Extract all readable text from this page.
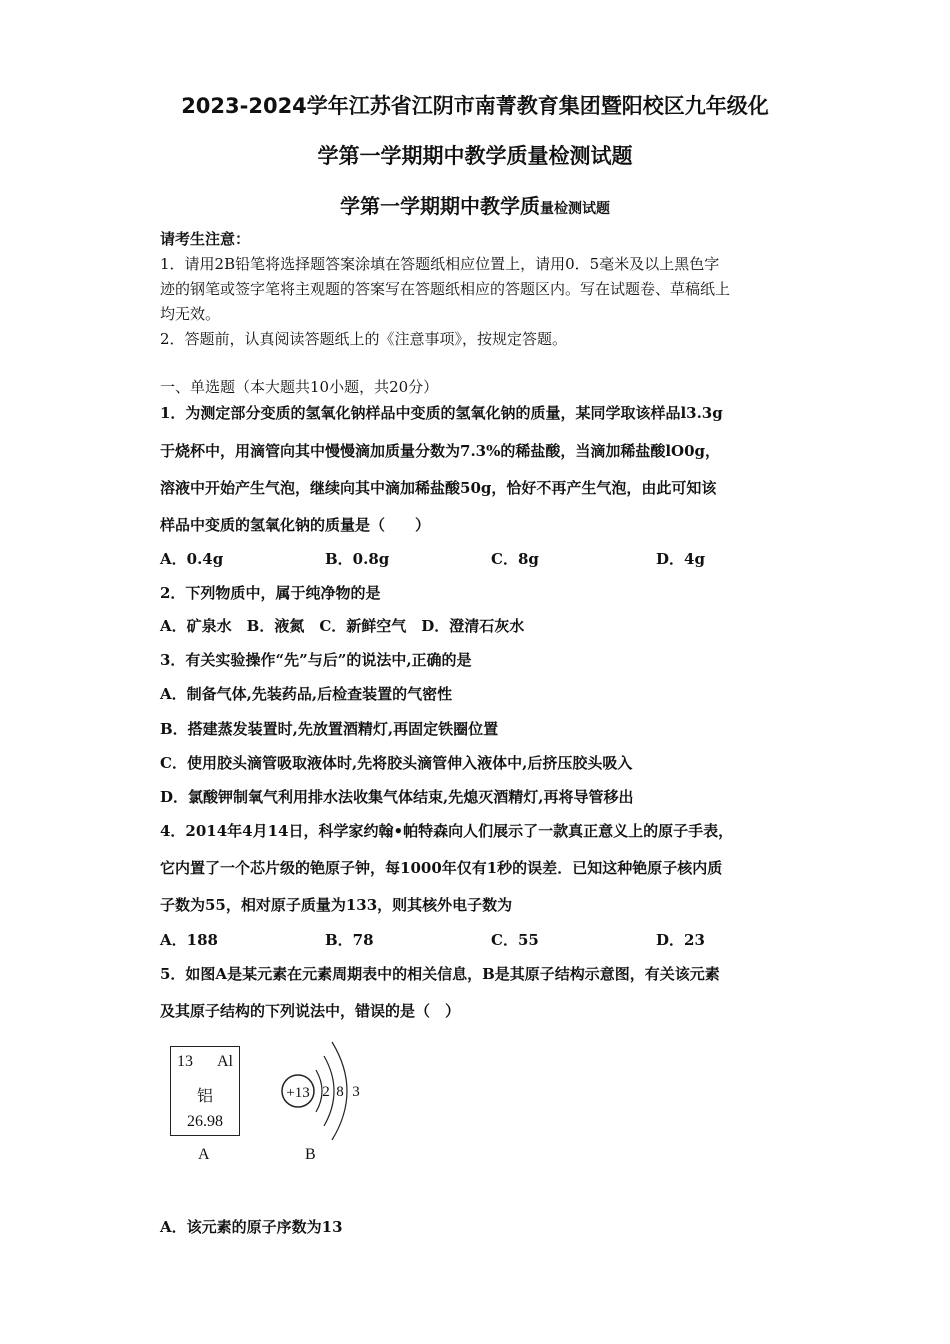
2023-2024学年江苏省江阴市南菁教育集团暨阳校区九年级化
学第一学期期中教学质量检测试题
学第一学期期中教学质量检测试题
请考生注意：
1．请用2B铅笔将选择题答案涂填在答题纸相应位置上，请用0．5毫米及以上黑色字
迹的钢笔或签字笔将主观题的答案写在答题纸相应的答题区内。写在试题卷、草稿纸上
均无效。
2．答题前，认真阅读答题纸上的《注意事项》，按规定答题。
一、单选题（本大题共10小题，共20分）
1．为测定部分变质的氢氧化钠样品中变质的氢氧化钠的质量，某同学取该样品l3.3g
于烧杯中，用滴管向其中慢慢滴加质量分数为7.3%的稀盐酸，当滴加稀盐酸lO0g，
溶液中开始产生气泡，继续向其中滴加稀盐酸50g，恰好不再产生气泡，由此可知该
样品中变质的氢氧化钠的质量是（　　）
A．0.4g	B．0.8g	C．8g	D．4g
2．下列物质中，属于纯净物的是
A．矿泉水　B．液氮　C．新鲜空气　D．澄清石灰水
3．有关实验操作“先”与后”的说法中,正确的是
A．制备气体,先装药品,后检查装置的气密性
B．搭建蒸发装置时,先放置酒精灯,再固定铁圈位置
C．使用胶头滴管吸取液体时,先将胶头滴管伸入液体中,后挤压胶头吸入
D．氯酸钾制氧气利用排水法收集气体结束,先熄灭酒精灯,再将导管移出
4．2014年4月14日，科学家约翰•帕特森向人们展示了一款真正意义上的原子手表，
它内置了一个芯片级的铯原子钟，每1000年仅有1秒的误差．已知这种铯原子核内质
子数为55，相对原子质量为133，则其核外电子数为
A．188	B．78	C．55	D．23
5．如图A是某元素在元素周期表中的相关信息，B是其原子结构示意图，有关该元素
及其原子结构的下列说法中，错误的是（　）
13 Al
铝
26.98
A
+13 2 8 3
B
A．该元素的原子序数为13
